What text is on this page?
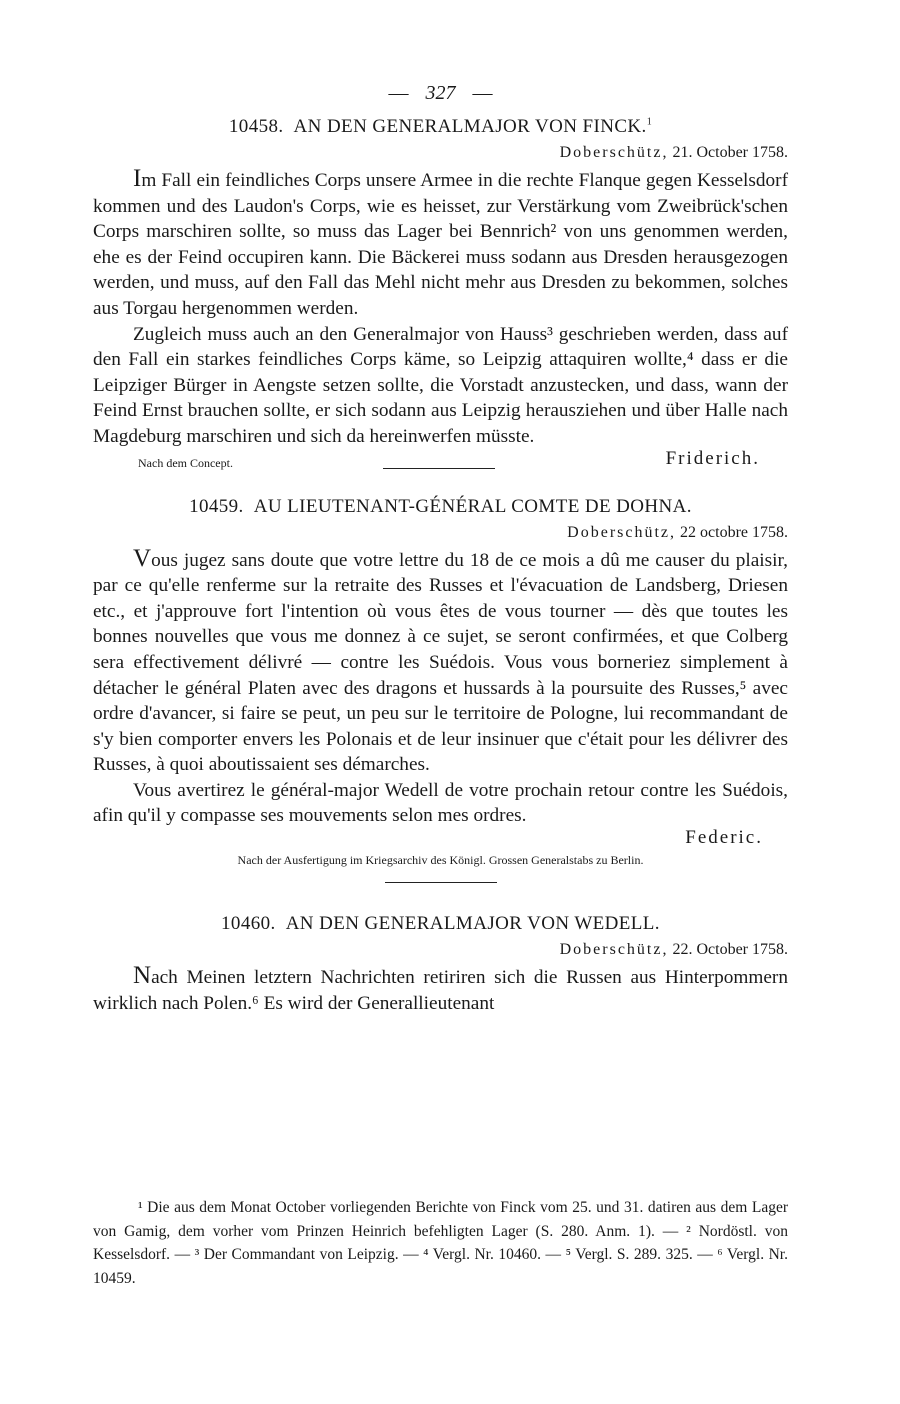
— 327 —
10458. AN DEN GENERALMAJOR VON FINCK.$^1$
Doberschütz, 21. October 1758.

Im Fall ein feindliches Corps unsere Armee in die rechte Flanque gegen Kesselsdorf kommen und des Laudon's Corps, wie es heisset, zur Verstärkung vom Zweibrück'schen Corps marschiren sollte, so muss das Lager bei Bennrich² von uns genommen werden, ehe es der Feind occupiren kann. Die Bäckerei muss sodann aus Dresden herausgezogen werden, und muss, auf den Fall das Mehl nicht mehr aus Dresden zu bekommen, solches aus Torgau hergenommen werden.

Zugleich muss auch an den Generalmajor von Hauss³ geschrieben werden, dass auf den Fall ein starkes feindliches Corps käme, so Leipzig attaquiren wollte,⁴ dass er die Leipziger Bürger in Aengste setzen sollte, die Vorstadt anzustecken, und dass, wann der Feind Ernst brauchen sollte, er sich sodann aus Leipzig herausziehen und über Halle nach Magdeburg marschiren und sich da hereinwerfen müsste.

Nach dem Concept.	Friderich.
10459. AU LIEUTENANT-GÉNÉRAL COMTE DE DOHNA.
Doberschütz, 22 octobre 1758.

Vous jugez sans doute que votre lettre du 18 de ce mois a dû me causer du plaisir, par ce qu'elle renferme sur la retraite des Russes et l'évacuation de Landsberg, Driesen etc., et j'approuve fort l'intention où vous êtes de vous tourner — dès que toutes les bonnes nouvelles que vous me donnez à ce sujet, se seront confirmées, et que Colberg sera effectivement délivré — contre les Suédois. Vous vous borneriez simplement à détacher le général Platen avec des dragons et hussards à la poursuite des Russes,⁵ avec ordre d'avancer, si faire se peut, un peu sur le territoire de Pologne, lui recommandant de s'y bien comporter envers les Polonais et de leur insinuer que c'était pour les délivrer des Russes, à quoi aboutissaient ses démarches.

Vous avertirez le général-major Wedell de votre prochain retour contre les Suédois, afin qu'il y compasse ses mouvements selon mes ordres.

Federic.
Nach der Ausfertigung im Kriegsarchiv des Königl. Grossen Generalstabs zu Berlin.
10460. AN DEN GENERALMAJOR VON WEDELL.
Doberschütz, 22. October 1758.

Nach Meinen letztern Nachrichten retiriren sich die Russen aus Hinterpommern wirklich nach Polen.⁶ Es wird der Generallieutenant

¹ Die aus dem Monat October vorliegenden Berichte von Finck vom 25. und 31. datiren aus dem Lager von Gamig, dem vorher vom Prinzen Heinrich befehligten Lager (S. 280. Anm. 1). — ² Nordöstl. von Kesselsdorf. — ³ Der Commandant von Leipzig. — ⁴ Vergl. Nr. 10460. — ⁵ Vergl. S. 289. 325. — ⁶ Vergl. Nr. 10459.
